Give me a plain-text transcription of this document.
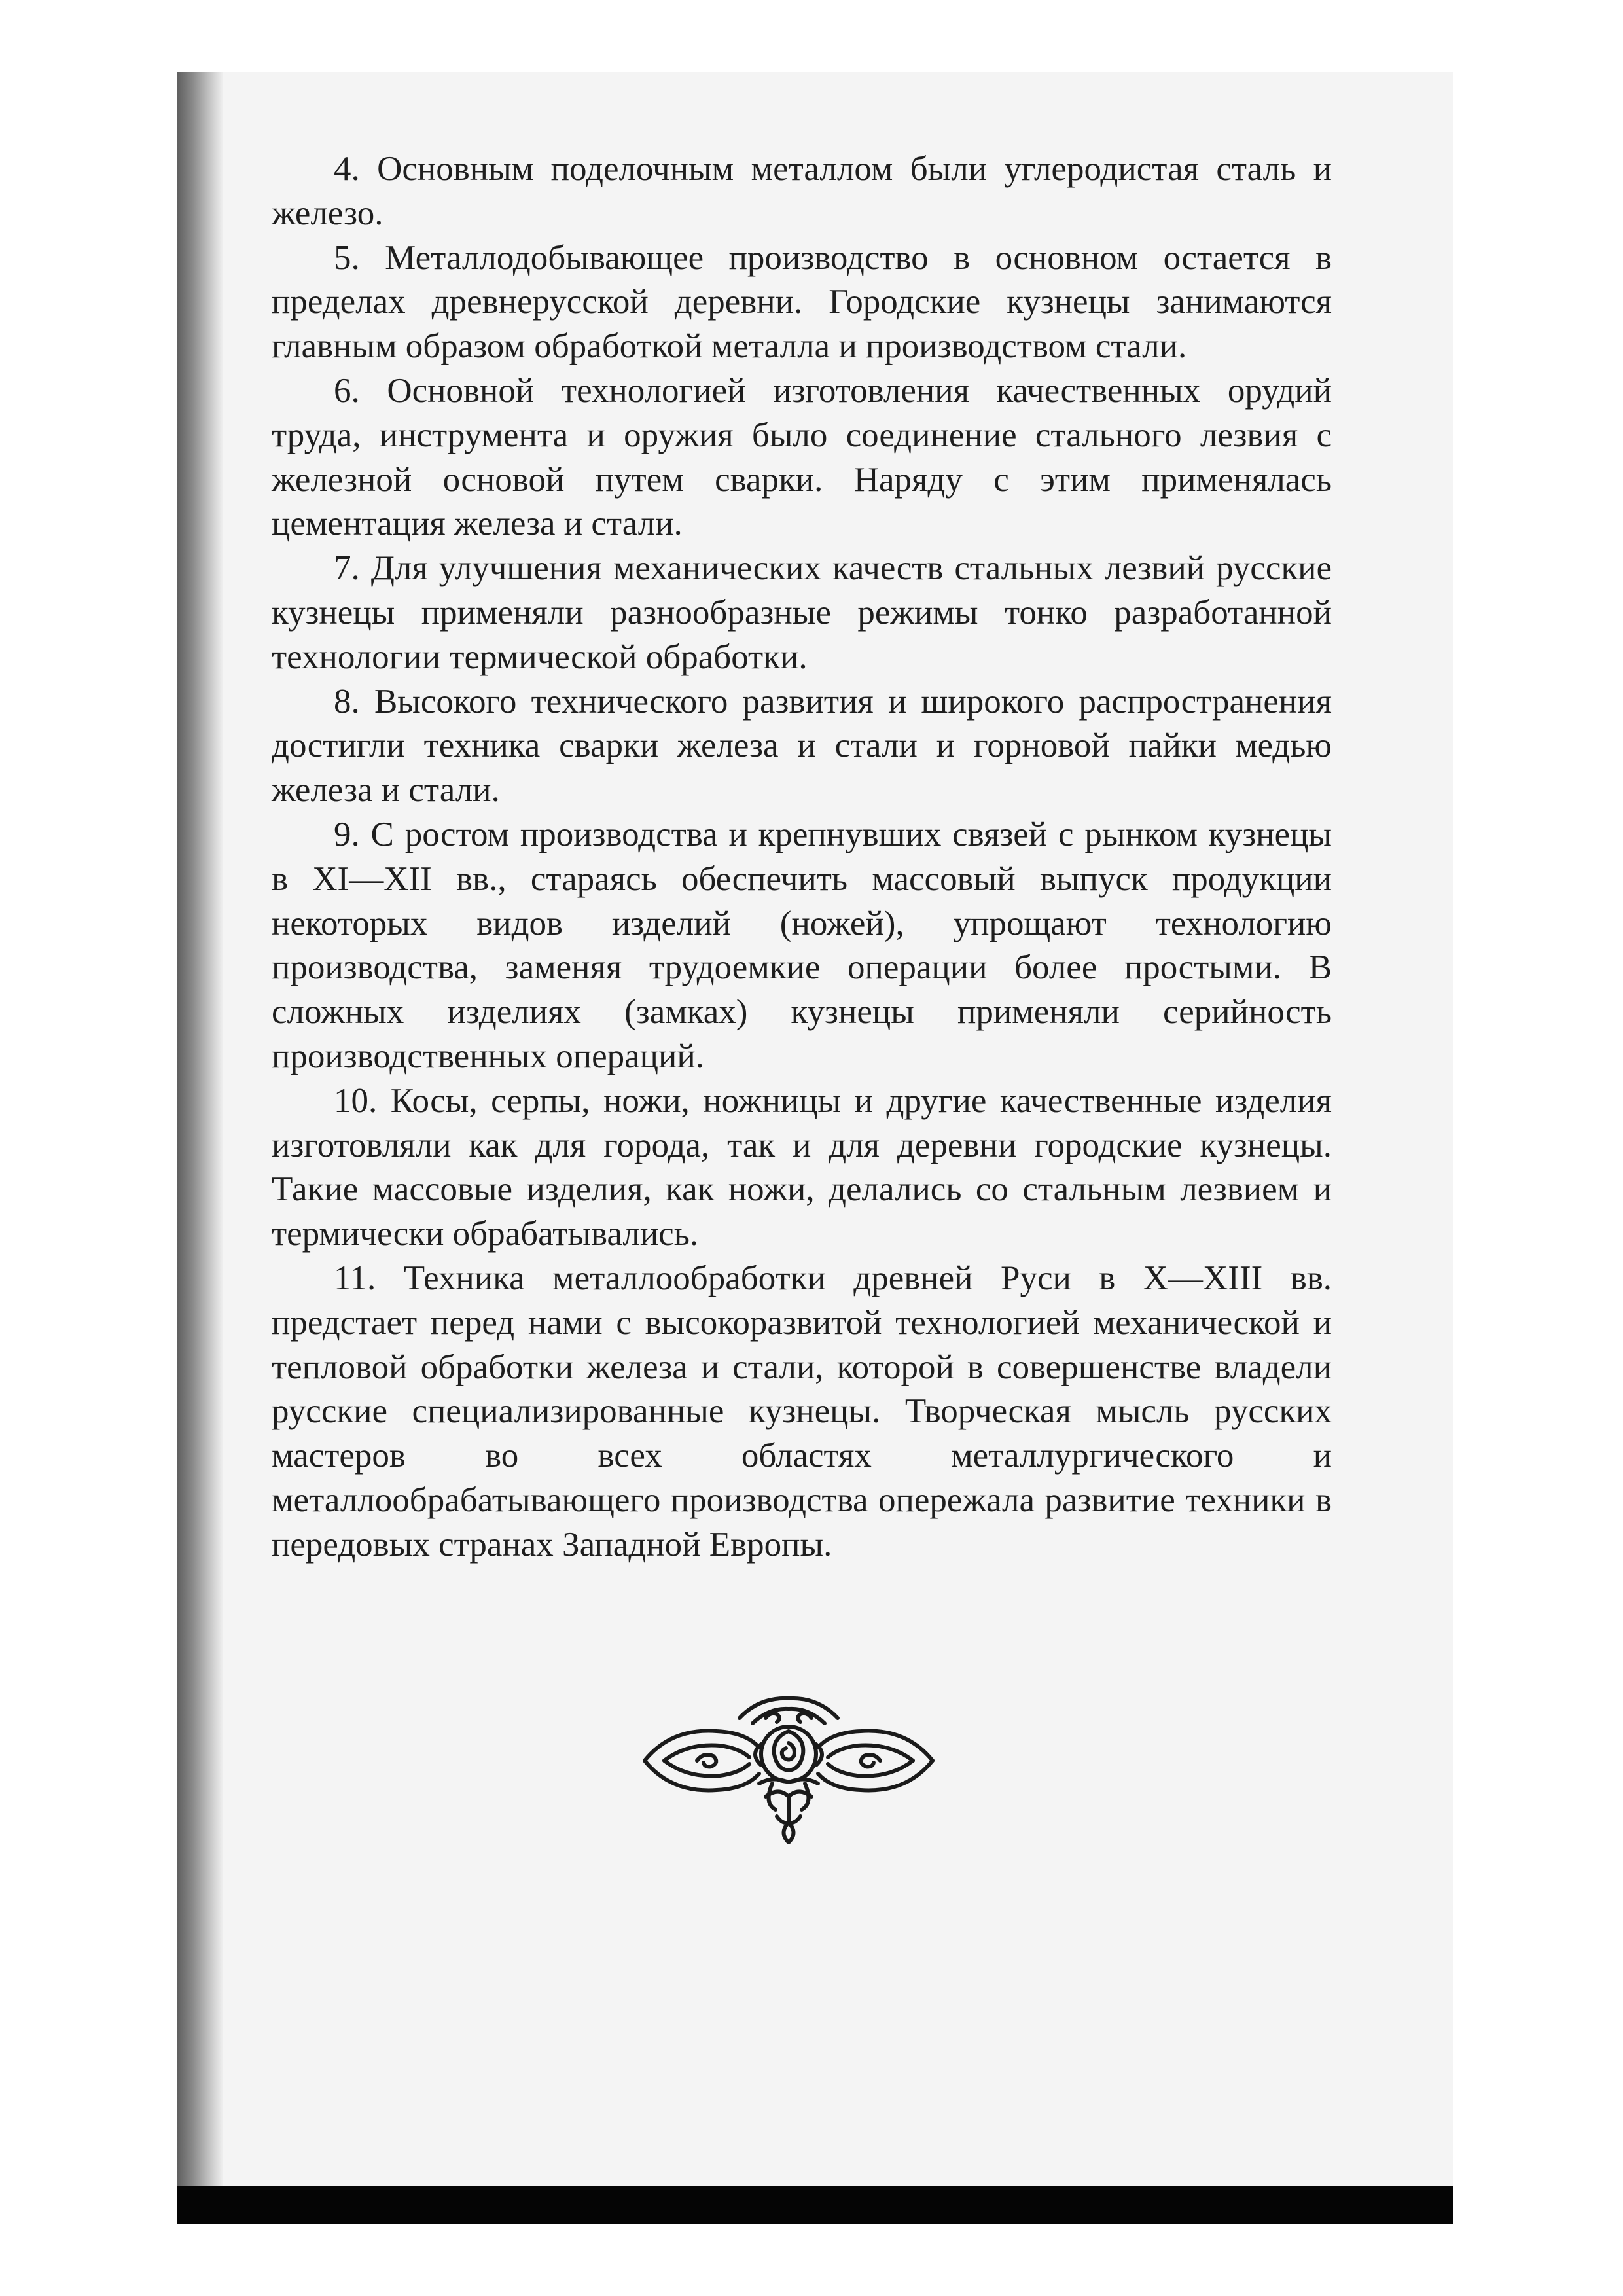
4. Основным поделочным металлом были углеродистая сталь и железо.

5. Металлодобывающее производство в основном остается в пределах древнерусской деревни. Городские кузнецы занимаются главным образом обработкой металла и производством стали.

6. Основной технологией изготовления качественных орудий труда, инструмента и оружия было соединение стального лезвия с железной основой путем сварки. Наряду с этим применялась цементация железа и стали.

7. Для улучшения механических качеств стальных лезвий русские кузнецы применяли разнообразные режимы тонко разработанной технологии термической обработки.

8. Высокого технического развития и широкого распространения достигли техника сварки железа и стали и горновой пайки медью железа и стали.

9. С ростом производства и крепнувших связей с рынком кузнецы в XI—XII вв., стараясь обеспечить массовый выпуск продукции некоторых видов изделий (ножей), упрощают технологию производства, заменяя трудоемкие операции более простыми. В сложных изделиях (замках) кузнецы применяли серийность производственных операций.

10. Косы, серпы, ножи, ножницы и другие качественные изделия изготовляли как для города, так и для деревни городские кузнецы. Такие массовые изделия, как ножи, делались со стальным лезвием и термически обрабатывались.

11. Техника металлообработки древней Руси в X—XIII вв. предстает перед нами с высокоразвитой технологией механической и тепловой обработки железа и стали, которой в совершенстве владели русские специализированные кузнецы. Творческая мысль русских мастеров во всех областях металлургического и металлообрабатывающего производства опережала развитие техники в передовых странах Западной Европы.
